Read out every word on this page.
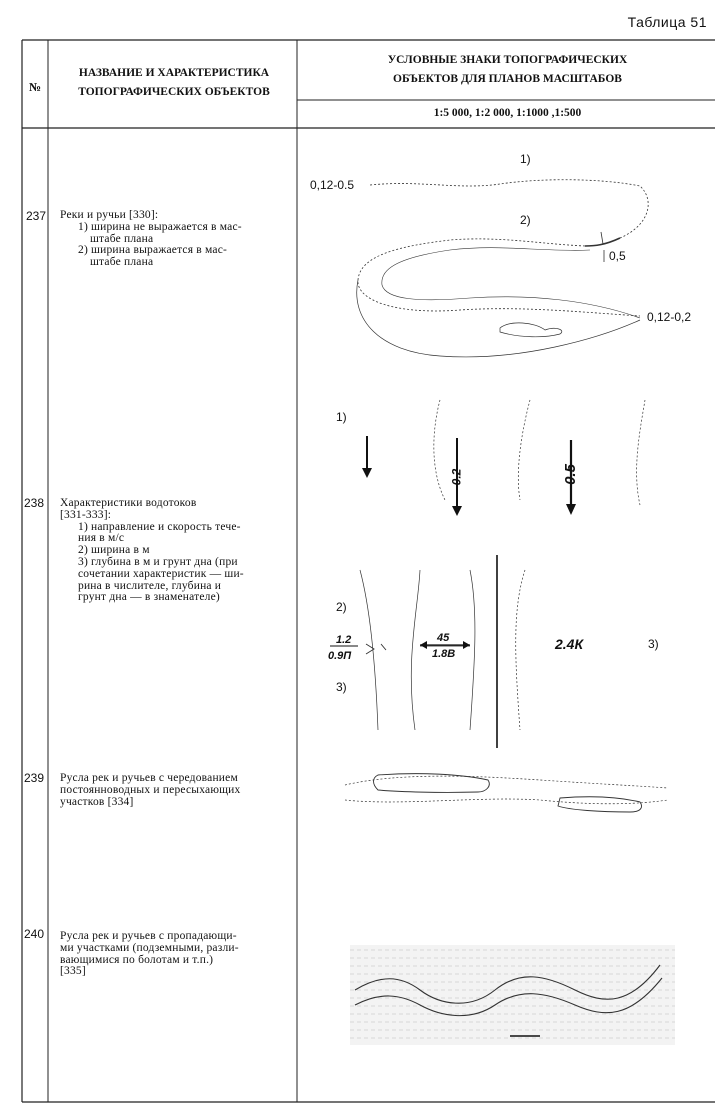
Таблица 51
№
НАЗВАНИЕ И ХАРАКТЕРИСТИКА
ТОПОГРАФИЧЕСКИХ ОБЪЕКТОВ
УСЛОВНЫЕ ЗНАКИ ТОПОГРАФИЧЕСКИХ
ОБЪЕКТОВ ДЛЯ ПЛАНОВ МАСШТАБОВ
1:5 000, 1:2 000, 1:1000 ,1:500
237 Реки и ручьи [330]:
1) ширина не выражается в мас-
штабе плана
2) ширина выражается в мас-
штабе плана
1)
0,12-0.5
2)
0,5
0,12-0,2
238 Характеристики водотоков
[331-333]:
1) направление и скорость тече-
ния в м/с
2) ширина в м
3) глубина в м и грунт дна (при
сочетании характеристик — ши-
рина в числителе, глубина и
грунт дна — в знаменателе)
1)
0.2	0.5
2)
1.2
0.9П
45
1.8В
2.4К	3)
3)
239 Русла рек и ручьев с чередованием
постоянноводных и пересыхающих
участков [334]
240 Русла рек и ручьев с пропадающи-
ми участками (подземными, разли-
вающимися по болотам и т.п.)
[335]
